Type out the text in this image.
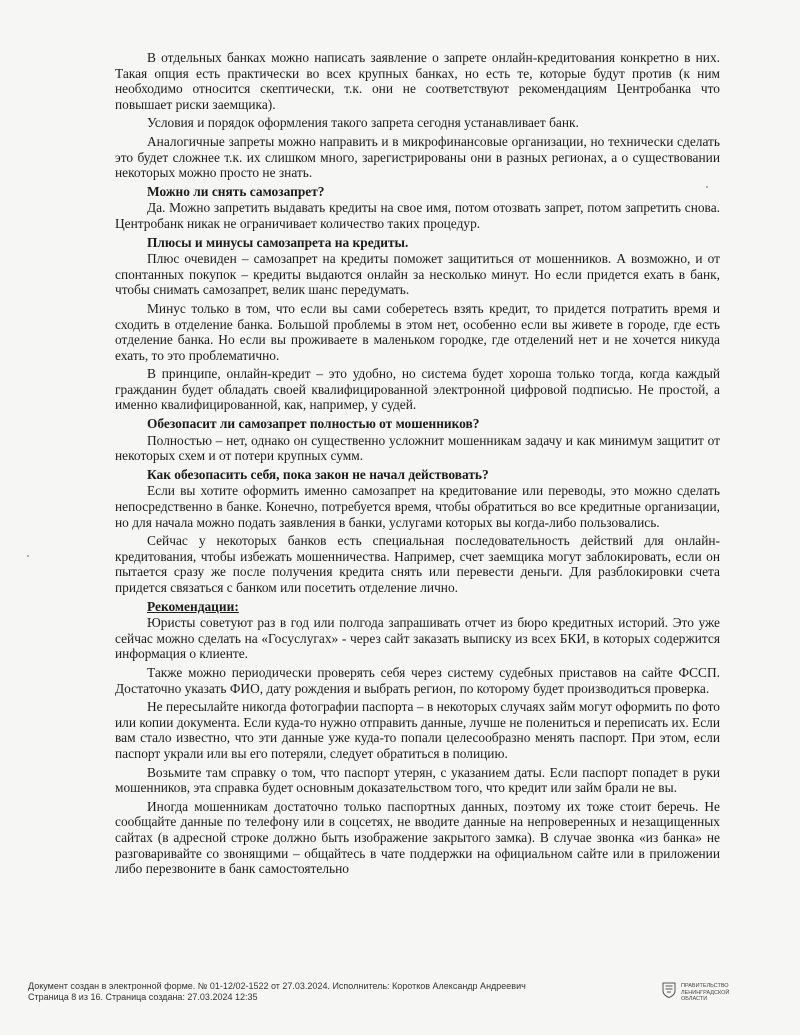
В отдельных банках можно написать заявление о запрете онлайн-кредитования конкретно в них. Такая опция есть практически во всех крупных банках, но есть те, которые будут против (к ним необходимо относится скептически, т.к. они не соответствуют рекомендациям Центробанка что повышает риски заемщика).

Условия и порядок оформления такого запрета сегодня устанавливает банк.

Аналогичные запреты можно направить и в микрофинансовые организации, но технически сделать это будет сложнее т.к. их слишком много, зарегистрированы они в разных регионах, а о существовании некоторых можно просто не знать.

Можно ли снять самозапрет?

Да. Можно запретить выдавать кредиты на свое имя, потом отозвать запрет, потом запретить снова. Центробанк никак не ограничивает количество таких процедур.

Плюсы и минусы самозапрета на кредиты.

Плюс очевиден – самозапрет на кредиты поможет защититься от мошенников. А возможно, и от спонтанных покупок – кредиты выдаются онлайн за несколько минут. Но если придется ехать в банк, чтобы снимать самозапрет, велик шанс передумать.

Минус только в том, что если вы сами соберетесь взять кредит, то придется потратить время и сходить в отделение банка. Большой проблемы в этом нет, особенно если вы живете в городе, где есть отделение банка. Но если вы проживаете в маленьком городке, где отделений нет и не хочется никуда ехать, то это проблематично.

В принципе, онлайн-кредит – это удобно, но система будет хороша только тогда, когда каждый гражданин будет обладать своей квалифицированной электронной цифровой подписью. Не простой, а именно квалифицированной, как, например, у судей.

Обезопасит ли самозапрет полностью от мошенников?

Полностью – нет, однако он существенно усложнит мошенникам задачу и как минимум защитит от некоторых схем и от потери крупных сумм.

Как обезопасить себя, пока закон не начал действовать?

Если вы хотите оформить именно самозапрет на кредитование или переводы, это можно сделать непосредственно в банке. Конечно, потребуется время, чтобы обратиться во все кредитные организации, но для начала можно подать заявления в банки, услугами которых вы когда-либо пользовались.

Сейчас у некоторых банков есть специальная последовательность действий для онлайн-кредитования, чтобы избежать мошенничества. Например, счет заемщика могут заблокировать, если он пытается сразу же после получения кредита снять или перевести деньги. Для разблокировки счета придется связаться с банком или посетить отделение лично.

Рекомендации:

Юристы советуют раз в год или полгода запрашивать отчет из бюро кредитных историй. Это уже сейчас можно сделать на «Госуслугах» - через сайт заказать выписку из всех БКИ, в которых содержится информация о клиенте.

Также можно периодически проверять себя через систему судебных приставов на сайте ФССП. Достаточно указать ФИО, дату рождения и выбрать регион, по которому будет производиться проверка.

Не пересылайте никогда фотографии паспорта – в некоторых случаях займ могут оформить по фото или копии документа. Если куда-то нужно отправить данные, лучше не полениться и переписать их. Если вам стало известно, что эти данные уже куда-то попали целесообразно менять паспорт. При этом, если паспорт украли или вы его потеряли, следует обратиться в полицию.

Возьмите там справку о том, что паспорт утерян, с указанием даты. Если паспорт попадет в руки мошенников, эта справка будет основным доказательством того, что кредит или займ брали не вы.

Иногда мошенникам достаточно только паспортных данных, поэтому их тоже стоит беречь. Не сообщайте данные по телефону или в соцсетях, не вводите данные на непроверенных и незащищенных сайтах (в адресной строке должно быть изображение закрытого замка). В случае звонка «из банка» не разговаривайте со звонящими – общайтесь в чате поддержки на официальном сайте или в приложении либо перезвоните в банк самостоятельно

Документ создан в электронной форме. № 01-12/02-1522 от 27.03.2024. Исполнитель: Коротков Александр Андреевич
Страница 8 из 16. Страница создана: 27.03.2024 12:35
ПРАВИТЕЛЬСТВО ЛЕНИНГРАДСКОЙ ОБЛАСТИ
